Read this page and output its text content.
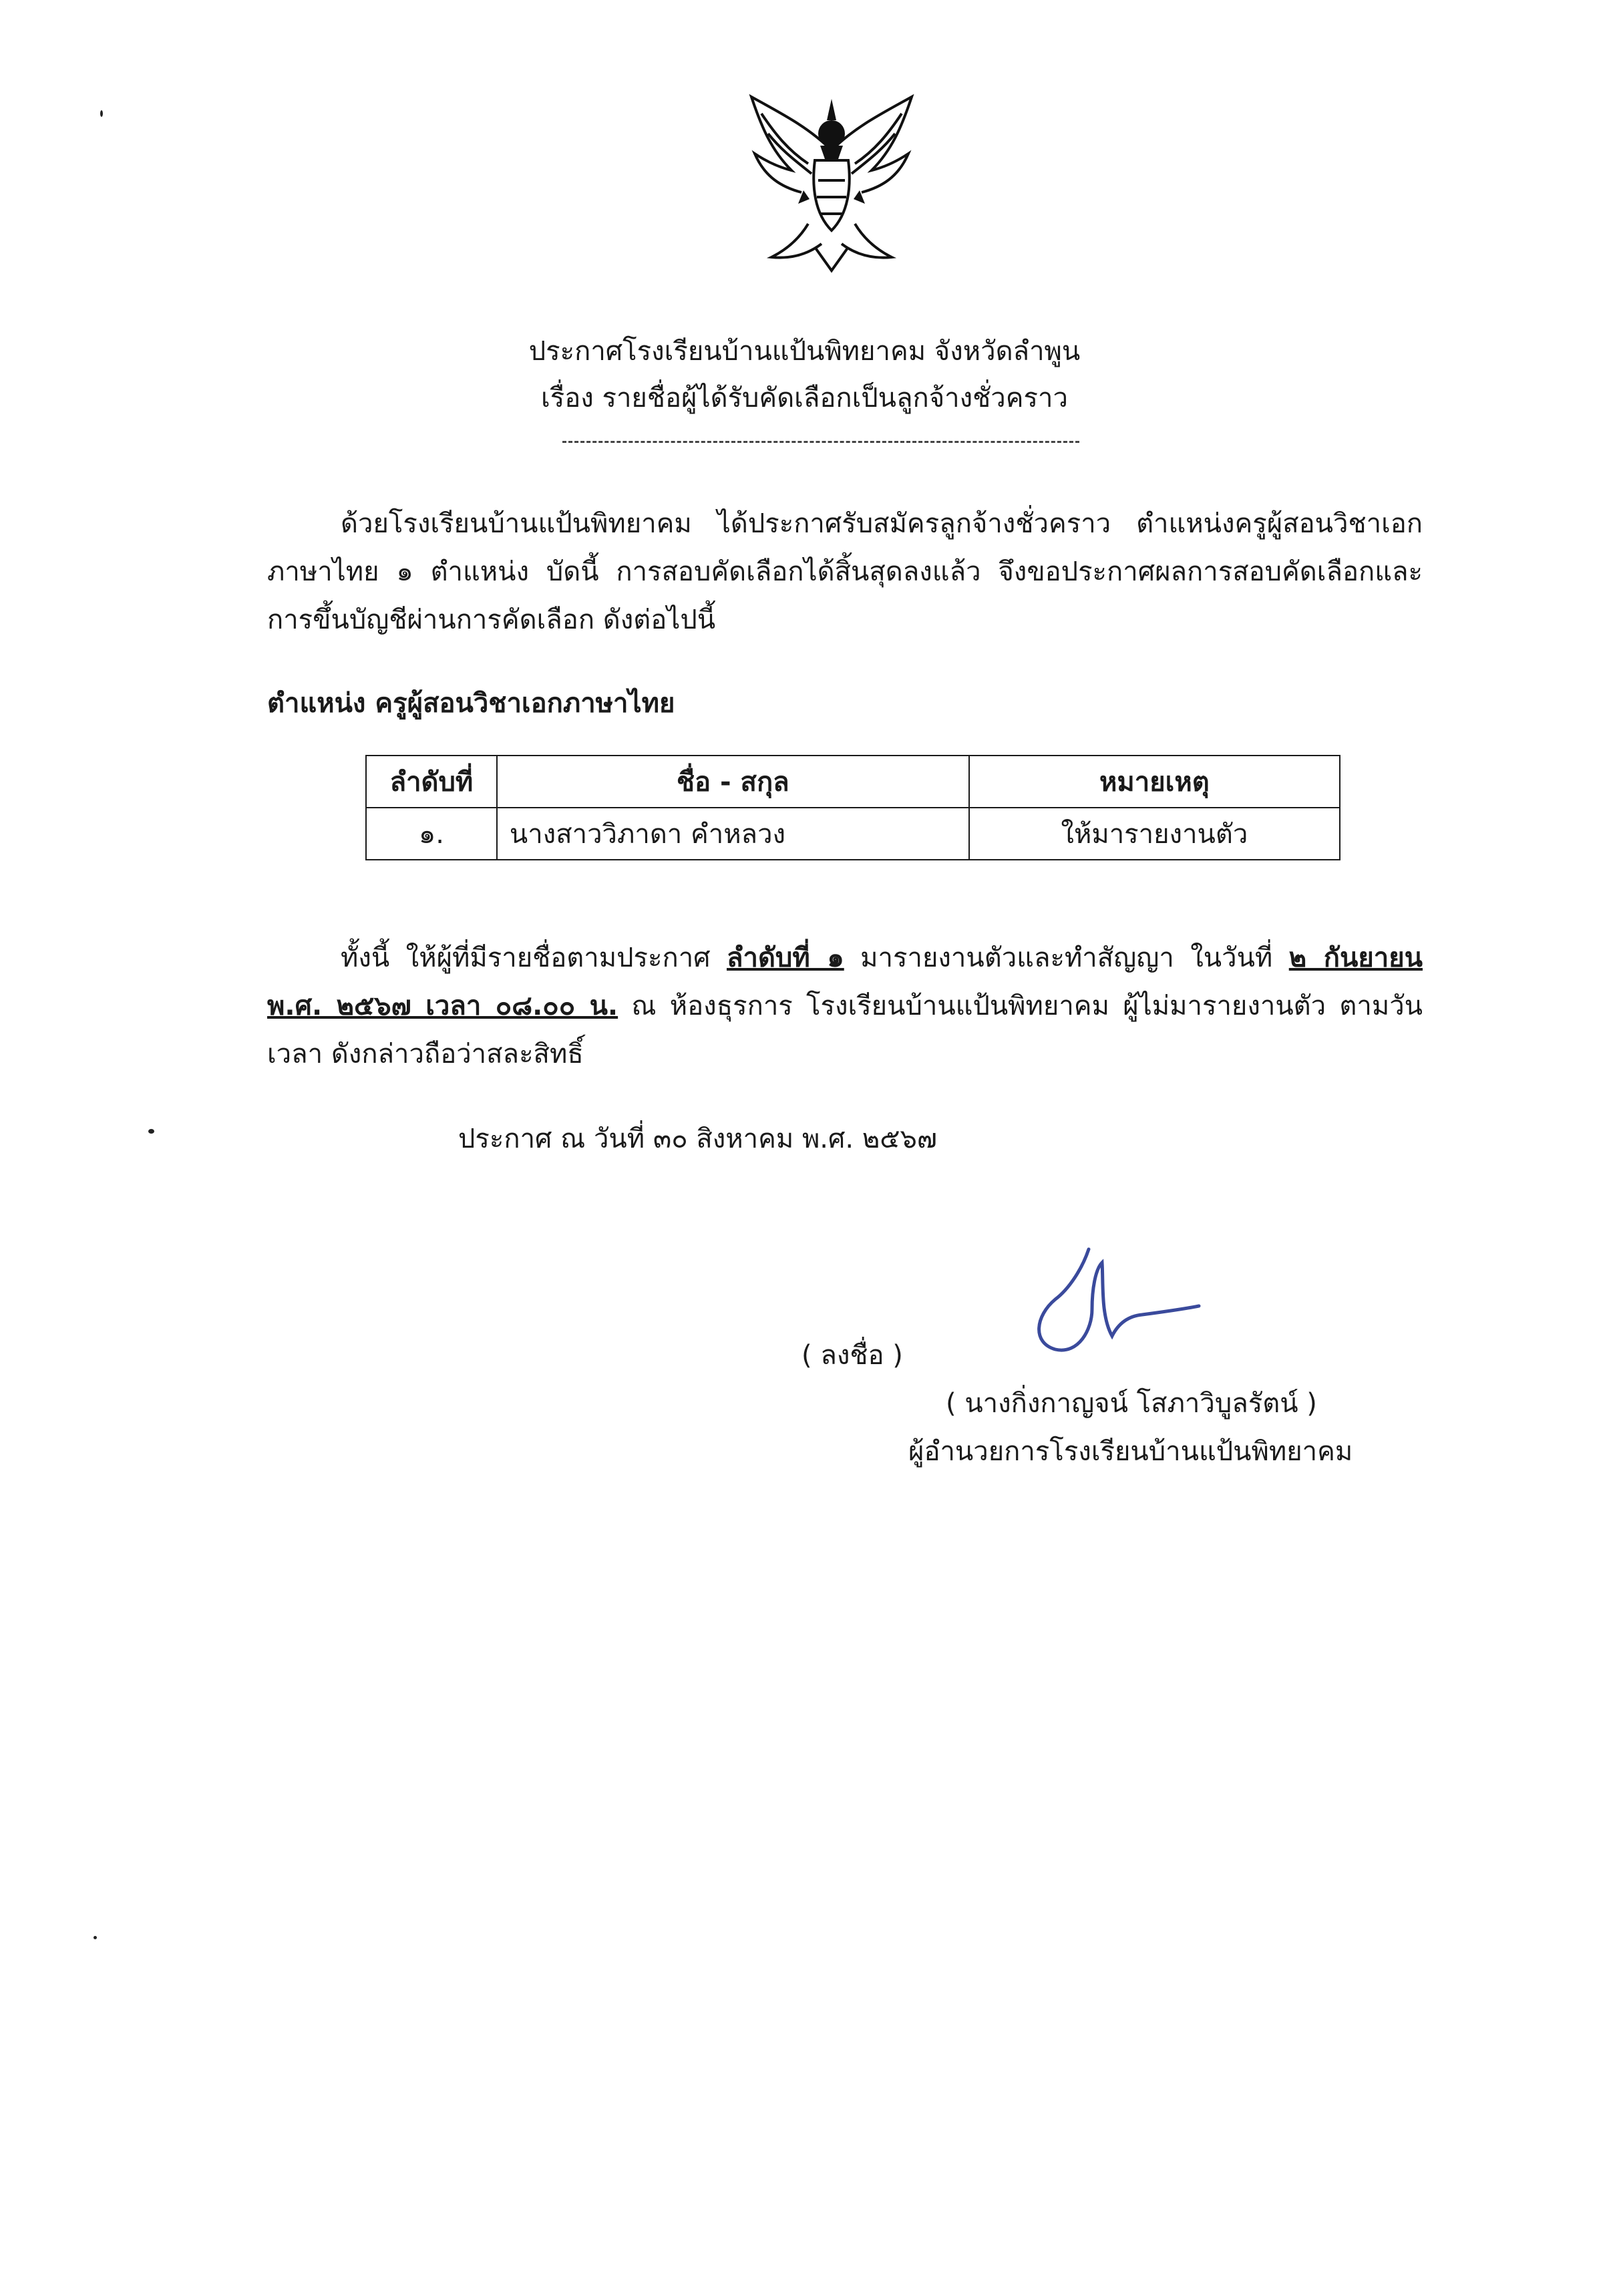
ประกาศโรงเรียนบ้านแป้นพิทยาคม จังหวัดลำพูน
เรื่อง รายชื่อผู้ได้รับคัดเลือกเป็นลูกจ้างชั่วคราว

ด้วยโรงเรียนบ้านแป้นพิทยาคม ได้ประกาศรับสมัครลูกจ้างชั่วคราว ตำแหน่งครูผู้สอนวิชาเอกภาษาไทย ๑ ตำแหน่ง บัดนี้ การสอบคัดเลือกได้สิ้นสุดลงแล้ว จึงขอประกาศผลการสอบคัดเลือกและการขึ้นบัญชีผ่านการคัดเลือก ดังต่อไปนี้

ตำแหน่ง ครูผู้สอนวิชาเอกภาษาไทย
ลำดับที่	ชื่อ - สกุล	หมายเหตุ
๑.	นางสาววิภาดา คำหลวง	ให้มารายงานตัว

ทั้งนี้ ให้ผู้ที่มีรายชื่อตามประกาศ ลำดับที่ ๑ มารายงานตัวและทำสัญญา ในวันที่ ๒ กันยายน พ.ศ. ๒๕๖๗ เวลา ๐๘.๐๐ น. ณ ห้องธุรการ โรงเรียนบ้านแป้นพิทยาคม ผู้ไม่มารายงานตัว ตามวัน เวลา ดังกล่าวถือว่าสละสิทธิ์

ประกาศ ณ วันที่ ๓๐ สิงหาคม พ.ศ. ๒๕๖๗
( ลงชื่อ )
( นางกิ่งกาญจน์ โสภาวิบูลรัตน์ )
ผู้อำนวยการโรงเรียนบ้านแป้นพิทยาคม
